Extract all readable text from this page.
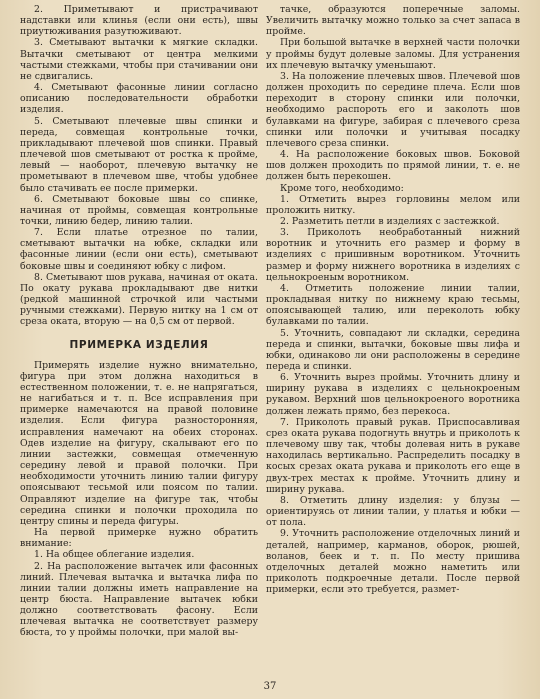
2. Приметывают и пристрачивают надставки или клинья (если они есть), швы приутюживания разутюживают.

3. Сметывают вытачки к мягкие складки. Вытачки сметывают от центра мелкими частыми стежками, чтобы при стачивании они не сдвигались.

4. Сметывают фасонные линии согласно описанию последовательности обработки изделия.

5. Сметывают плечевые швы спинки и переда, совмещая контрольные точки, прикладывают плечевой шов спинки. Правый плечевой шов сметывают от ростка к пройме, левый — наоборот, плечевую вытачку не прометывают в плечевом шве, чтобы удобнее было стачивать ее после примерки.

6. Сметывают боковые швы со спинке, начиная от проймы, совмещая контрольные точки, линию бедер, линию талии.

7. Если платье отрезное по талии, сметывают вытачки на юбке, складки или фасонные линии (если они есть), сметывают боковые швы и соединяют юбку с лифом.

8. Сметывают шов рукава, начиная от оката. По окату рукава прокладывают две нитки (редкой машинной строчкой или частыми ручными стежками). Первую нитку на 1 см от среза оката, вторую — на 0,5 см от первой.

ПРИМЕРКА ИЗДЕЛИЯ

Примерять изделие нужно внимательно, фигура при этом должна находиться в естественном положении, т. е. не напрягаться, не нагибаться и т. п. Все исправления при примерке намечаются на правой половине изделия. Если фигура разносторонняя, исправления намечают на обеих сторонах. Одев изделие на фигуру, скалывают его по линии застежки, совмещая отмеченную середину левой и правой полочки. При необходимости уточнить линию талии фигуру опоясывают тесьмой или поясом по талии. Оправляют изделие на фигуре так, чтобы середина спинки и полочки проходила по центру спины и переда фигуры.

На первой примерке нужно обратить внимание:

1. На общее облегание изделия.

2. На расположение вытачек или фасонных линий. Плечевая вытачка и вытачка лифа по линии талии должны иметь направление на центр бюста. Направление вытачек юбки должно соответствовать фасону. Если плечевая вытачка не соответствует размеру бюста, то у проймы полочки, при малой вы-

тачке, образуются поперечные заломы. Увеличить вытачку можно только за счет запаса в пройме.

При большой вытачке в верхней части полочки у проймы будут долевые заломы. Для устранения их плечевую вытачку уменьшают.

3. На положение плечевых швов. Плечевой шов должен проходить по середине плеча. Если шов переходит в сторону спинки или полочки, необходимо распороть его и заколоть шов булавками на фигуре, забирая с плечевого среза спинки или полочки и учитывая посадку плечевого среза спинки.

4. На расположение боковых швов. Боковой шов должен проходить по прямой линии, т. е. не должен быть перекошен.

Кроме того, необходимо:

1. Отметить вырез горловины мелом или проложить нитку.

2. Разметить петли в изделиях с застежкой.

3. Приколоть необработанный нижний воротник и уточнить его размер и форму в изделиях с пришивным воротником. Уточнить размер и форму нижнего воротника в изделиях с цельнокроеным воротником.

4. Отметить положение линии талии, прокладывая нитку по нижнему краю тесьмы, опоясывающей талию, или переколоть юбку булавками по талии.

5. Уточнить, совпадают ли складки, середина переда и спинки, вытачки, боковые швы лифа и юбки, одинаково ли они расположены в середине переда и спинки.

6. Уточнить вырез проймы. Уточнить длину и ширину рукава в изделиях с цельнокроеным рукавом. Верхний шов цельнокроеного воротника должен лежать прямо, без перекоса.

7. Приколоть правый рукав. Приспосавливая срез оката рукава подогнуть внутрь и приколоть к плечевому шву так, чтобы долевая нить в рукаве находилась вертикально. Распределить посадку в косых срезах оката рукава и приколоть его еще в двух-трех местах к пройме. Уточнить длину и ширину рукава.

8. Отметить длину изделия: у блузы — ориентируясь от линии талии, у платья и юбки — от пола.

9. Уточнить расположение отделочных линий и деталей, например, карманов, оборок, рюшей, воланов, беек и т. п. По месту пришива отделочных деталей можно наметить или приколоть подкроечные детали. После первой примерки, если это требуется, размет-

37
